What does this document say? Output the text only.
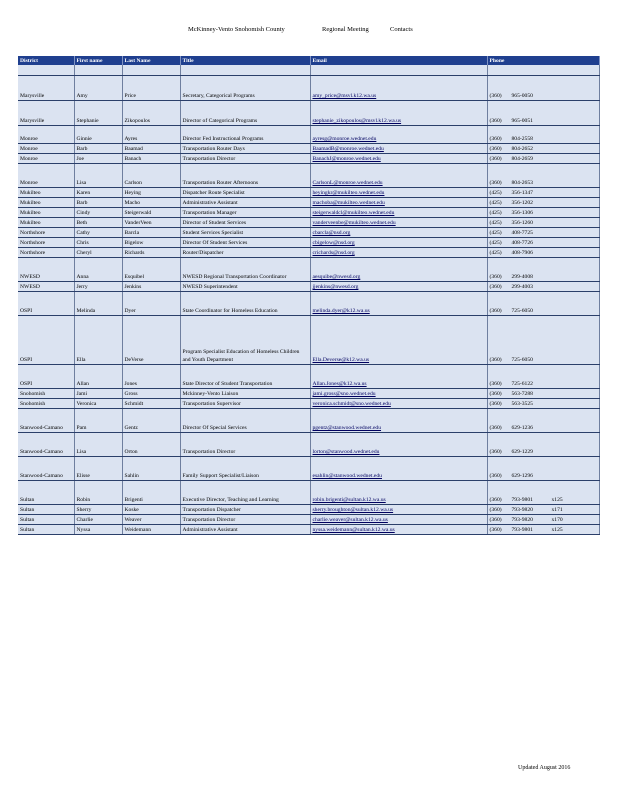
McKinney-Vento Snohomish County	Regional Meeting	Contacts
District	First name	Last Name	Title	Email	Phone

Marysville	Amy	Price	Secretary, Categorical Programs	amy_price@msvl.k12.wa.us	(360) 965-0050
Marysville	Stephanie	Zikopoulos	Director of Categorical Programs	stephanie_zikopoulos@msvl.k12.wa.us	(360) 965-0051
Monroe	Ginnie	Ayres	Director Fed Instructional Programs	ayresg@monroe.wednet.edu	(360) 804-2558
Monroe	Barb	Baamad	Transportation Router Days	BaamadB@monroe.wednet.edu	(360) 804-2652
Monroe	Joe	Banach	Transportation Director	BanachJ@monroe.wednet.edu	(360) 804-2659
Monroe	Lisa	Carlson	Transportation Router Afternoons	CarlsonL@monroe.wednet.edu	(360) 804-2653
Mukilteo	Karen	Heying	Dispatcher Route Specialist	heyingkr@mukilteo.wednet.edu	(425) 356-1347
Mukilteo	Barb	Macho	Administrative Assistant	machoba@mukilteo.wednet.edu	(425) 356-1202
Mukilteo	Cindy	Steigerwald	Transportation Manager	steigerwaldcl@mukilteo.wednet.edu	(425) 356-1306
Mukilteo	Beth	VanderVeen	Director of Student Services	vanderveenbe@mukilteo.wednet.edu	(425) 356-1260
Northshore	Cathy	Barcla	Student Services Specialist	cbarcla@nsd.org	(425) 408-7725
Northshore	Chris	Bigelow	Director Of Student Services	cbigelow@nsd.org	(425) 408-7726
Northshore	Cheryl	Richards	Router/Dispatcher	crichards@nsd.org	(425) 408-7906
NWESD	Anna	Esquibel	NWESD Regional Transportation Coordinator	aesquibe@nwesd.org	(360) 299-4008
NWESD	Jerry	Jenkins	NWESD Superintendent	jjenkins@nwesd.org	(360) 299-4003
OSPI	Melinda	Dyer	State Coordinator for Homeless Education	melinda.dyer@k12.wa.us	(360) 725-6050
OSPI	Ella	DeVerse	Program Specialist Education of Homeless Children and Youth Department	Ella.Deverse@k12.wa.us	(360) 725-6050
OSPI	Allan	Jones	State Director of Student Transportation	Allan.Jones@k12.wa.us	(360) 725-6122
Snohomish	Jami	Gross	Mckinney-Vento Liaison	jami.gross@sno.wednet.edu	(360) 563-7288
Snohomish	Veronica	Schmidt	Transportation Supervisor	veronica.schmidt@sno.wednet.edu	(360) 563-3525
Stanwood-Camano	Pam	Gentz	Director Of Special Services	pgentz@stanwood.wednet.edu	(360) 629-1236
Stanwood-Camano	Lisa	Orton	Transportation Director	lorton@stanwood.wednet.edu	(360) 629-1229
Stanwood-Camano	Elisse	Sahlin	Family Support Specialist/Liaison	esahlin@stanwood.wednet.edu	(360) 629-1296
Sultan	Robin	Brigenti	Executive Director, Teaching and Learning	robin.brigenti@sultan.k12.wa.us	(360) 793-9801 x125
Sultan	Sherry	Koske	Transportation Dispatcher	sherry.broughton@sultan.k12.wa.us	(360) 793-9820 x171
Sultan	Charlie	Weaver	Transportation Director	charlie.weaver@sultan.k12.wa.us	(360) 793-9820 x170
Sultan	Nyssa	Weidemann	Administrative Assistant	nyssa.weidemann@sultan.k12.wa.us	(360) 793-9801 x125
Updated August 2016
